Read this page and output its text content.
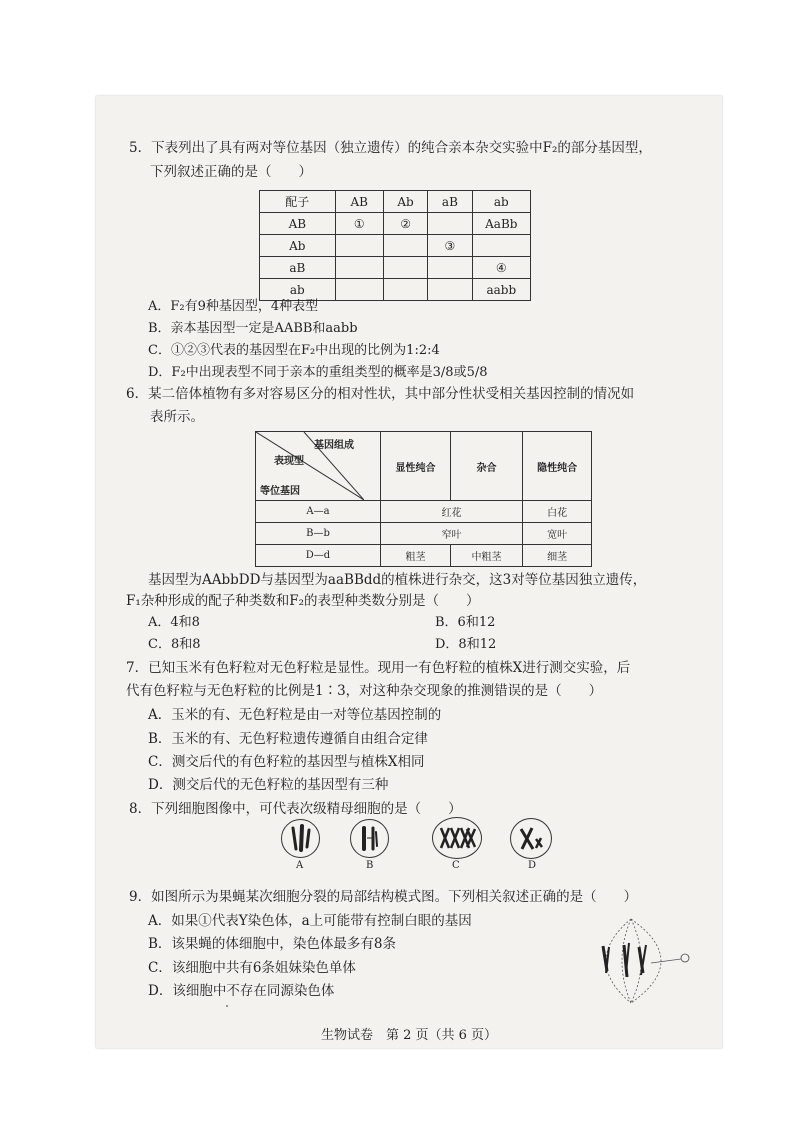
5．下表列出了具有两对等位基因（独立遗传）的纯合亲本杂交实验中F₂的部分基因型，
下列叙述正确的是（　　）
配子	AB	Ab	aB	ab
AB	①	②		AaBb
Ab			③	
aB				④
ab				aabb
A．F₂有9种基因型，4种表型
B．亲本基因型一定是AABB和aabb
C．①②③代表的基因型在F₂中出现的比例为1:2:4
D．F₂中出现表型不同于亲本的重组类型的概率是3/8或5/8
6．某二倍体植物有多对容易区分的相对性状，其中部分性状受相关基因控制的情况如
表所示。
基因组成
表现型
等位基因	显性纯合	杂合	隐性纯合
A—a	红花		白花
B—b	窄叶		宽叶
D—d	粗茎	中粗茎	细茎
基因型为AAbbDD与基因型为aaBBdd的植株进行杂交，这3对等位基因独立遗传，
F₁杂种形成的配子种类数和F₂的表型种类数分别是（　　）
A．4和8	B．6和12
C．8和8	D．8和12
7．已知玉米有色籽粒对无色籽粒是显性。现用一有色籽粒的植株X进行测交实验，后
代有色籽粒与无色籽粒的比例是1∶3，对这种杂交现象的推测错误的是（　　）
A．玉米的有、无色籽粒是由一对等位基因控制的
B．玉米的有、无色籽粒遗传遵循自由组合定律
C．测交后代的有色籽粒的基因型与植株X相同
D．测交后代的无色籽粒的基因型有三种
8．下列细胞图像中，可代表次级精母细胞的是（　　）
A	B	C	D
9．如图所示为果蝇某次细胞分裂的局部结构模式图。下列相关叙述正确的是（　　）
A．如果①代表Y染色体，a上可能带有控制白眼的基因
B．该果蝇的体细胞中，染色体最多有8条
C．该细胞中共有6条姐妹染色单体
D．该细胞中不存在同源染色体
生物试卷　第 2 页（共 6 页）
